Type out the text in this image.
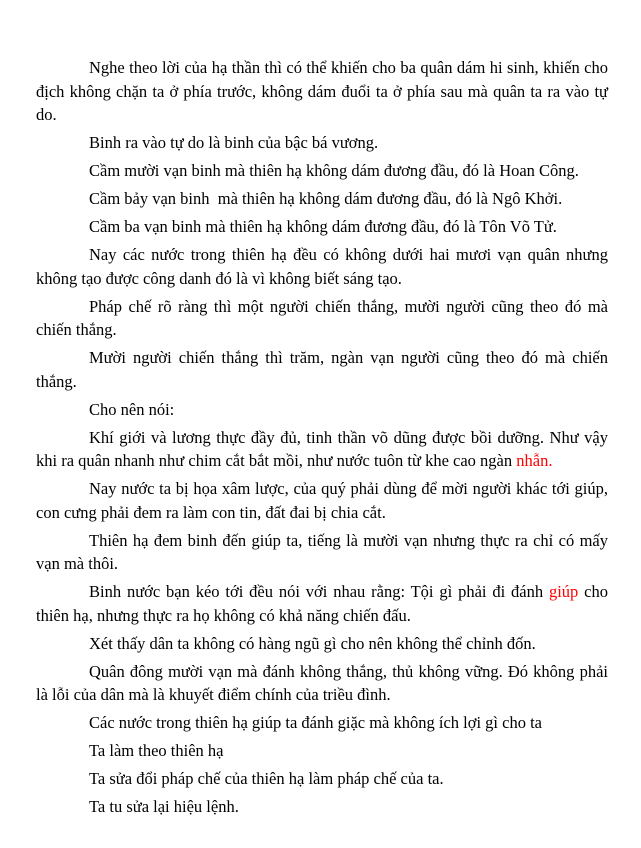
Nghe theo lời của hạ thần thì có thể khiến cho ba quân dám hi sinh, khiến cho địch không chặn ta ở phía trước, không dám đuổi ta ở phía sau mà quân ta ra vào tự do.

Binh ra vào tự do là binh của bậc bá vương.

Cầm mười vạn binh mà thiên hạ không dám đương đầu, đó là Hoan Công.

Cầm bảy vạn binh  mà thiên hạ không dám đương đầu, đó là Ngô Khởi.

Cầm ba vạn binh mà thiên hạ không dám đương đầu, đó là Tôn Võ Tử.

Nay các nước trong thiên hạ đều có không dưới hai mươi vạn quân nhưng không tạo được công danh đó là vì không biết sáng tạo.

Pháp chế rõ ràng thì một người chiến thắng, mười người cũng theo đó mà chiến thắng.

Mười người chiến thắng thì trăm, ngàn vạn người cũng theo đó mà chiến thắng.

Cho nên nói:

Khí giới và lương thực đầy đủ, tinh thần võ dũng được bồi dưỡng. Như vậy khi ra quân nhanh như chim cắt bắt mồi, như nước tuôn từ khe cao ngàn nhẫn.

Nay nước ta bị họa xâm lược, của quý phải dùng để mời người khác tới giúp, con cưng phải đem ra làm con tin, đất đai bị chia cắt.

Thiên hạ đem binh đến giúp ta, tiếng là mười vạn nhưng thực ra chỉ có mấy vạn mà thôi.

Binh nước bạn kéo tới đều nói với nhau rằng: Tội gì phải đi đánh giúp cho thiên hạ, nhưng thực ra họ không có khả năng chiến đấu.

Xét thấy dân ta không có hàng ngũ gì cho nên không thể chỉnh đốn.

Quân đông mười vạn mà đánh không thắng, thủ không vững. Đó không phải là lỗi của dân mà là khuyết điểm chính của triều đình.

Các nước trong thiên hạ giúp ta đánh giặc mà không ích lợi gì cho ta

Ta làm theo thiên hạ

Ta sửa đổi pháp chế của thiên hạ làm pháp chế của ta.

Ta tu sửa lại hiệu lệnh.
